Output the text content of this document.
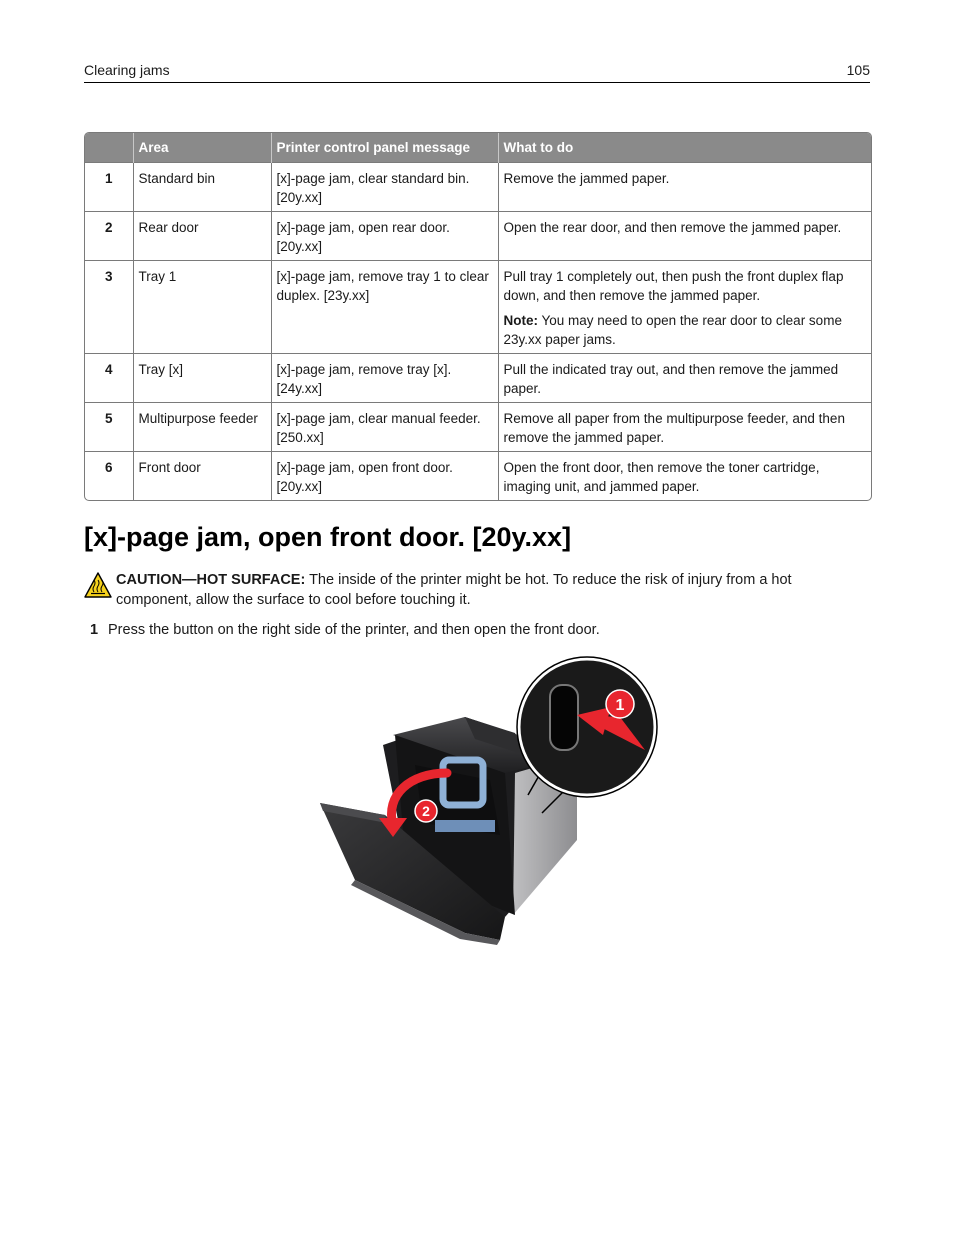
Clearing jams	105
	Area	Printer control panel message	What to do
1	Standard bin	[x]-page jam, clear standard bin. [20y.xx]	Remove the jammed paper.

2	Rear door	[x]-page jam, open rear door. [20y.xx]	Open the rear door, and then remove the jammed paper.

3	Tray 1	[x]-page jam, remove tray 1 to clear duplex. [23y.xx]	Pull tray 1 completely out, then push the front duplex flap down, and then remove the jammed paper.
Note: You may need to open the rear door to clear some 23y.xx paper jams.

4	Tray [x]	[x]-page jam, remove tray [x]. [24y.xx]	Pull the indicated tray out, and then remove the jammed paper.

5	Multipurpose feeder	[x]-page jam, clear manual feeder. [250.xx]	Remove all paper from the multipurpose feeder, and then remove the jammed paper.

6	Front door	[x]-page jam, open front door. [20y.xx]	Open the front door, then remove the toner cartridge, imaging unit, and jammed paper.
[x]-page jam, open front door. [20y.xx]
CAUTION—HOT SURFACE: The inside of the printer might be hot. To reduce the risk of injury from a hot component, allow the surface to cool before touching it.
1 Press the button on the right side of the printer, and then open the front door.
2
1
